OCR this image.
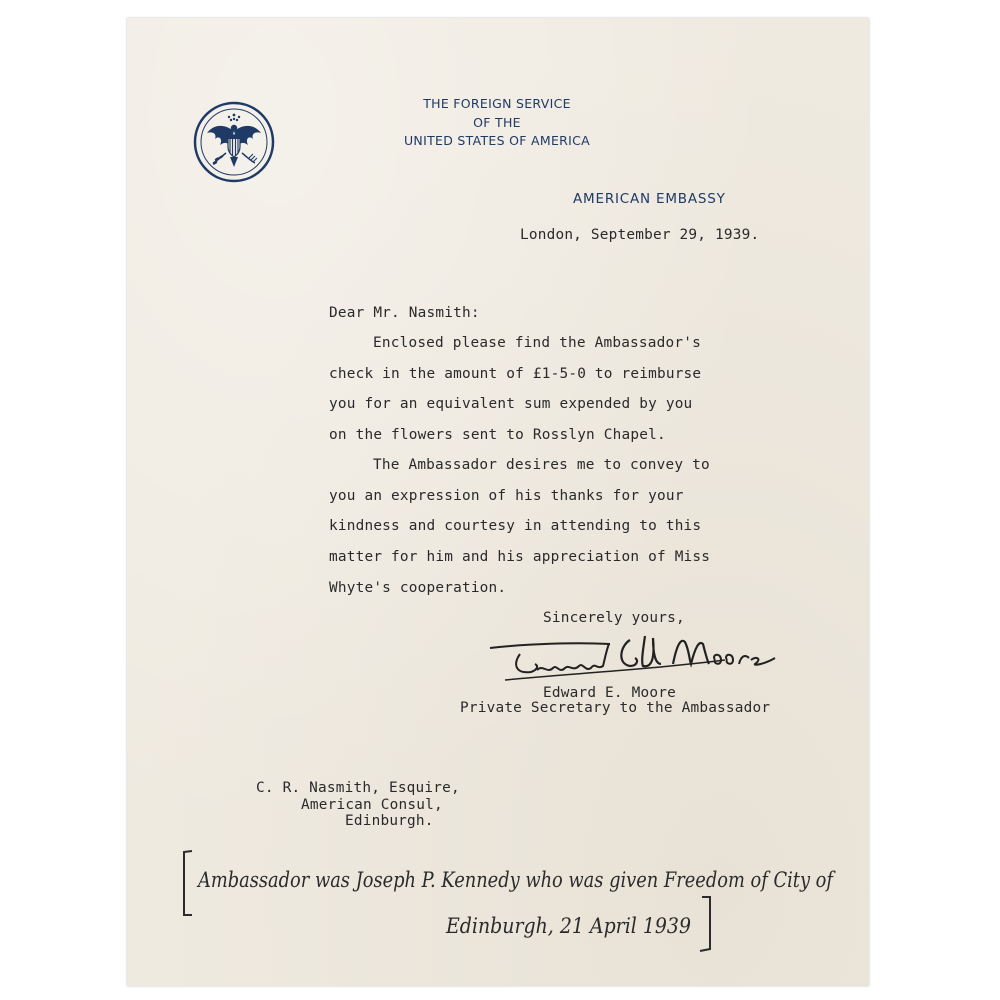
THE FOREIGN SERVICE
OF THE
UNITED STATES OF AMERICA
AMERICAN EMBASSY
London, September 29, 1939.
Dear Mr. Nasmith:
Enclosed please find the Ambassador's
check in the amount of £1-5-0 to reimburse
you for an equivalent sum expended by you
on the flowers sent to Rosslyn Chapel.
The Ambassador desires me to convey to
you an expression of his thanks for your
kindness and courtesy in attending to this
matter for him and his appreciation of Miss
Whyte's cooperation.
Sincerely yours,
Edward E. Moore
Private Secretary to the Ambassador
C. R. Nasmith, Esquire,
American Consul,
Edinburgh.
Ambassador was Joseph P. Kennedy who was given Freedom of City of
Edinburgh, 21 April 1939
